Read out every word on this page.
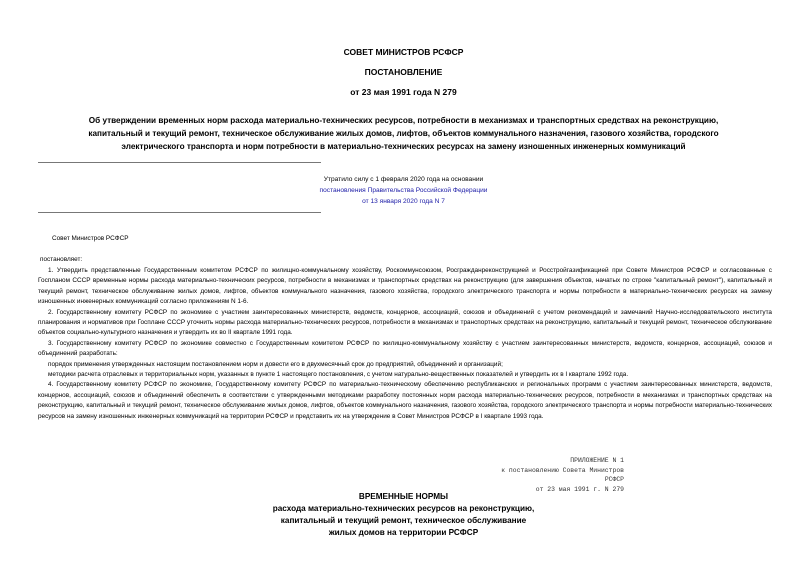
СОВЕТ МИНИСТРОВ РСФСР
ПОСТАНОВЛЕНИЕ
от 23 мая 1991 года N 279
Об утверждении временных норм расхода материально-технических ресурсов, потребности в механизмах и транспортных средствах на реконструкцию,
капитальный и текущий ремонт, техническое обслуживание жилых домов, лифтов, объектов коммунального назначения, газового хозяйства, городского
электрического транспорта и норм потребности в материально-технических ресурсах на замену изношенных инженерных коммуникаций
Утратило силу с 1 февраля 2020 года на основании
постановления Правительства Российской Федерации
от 13 января 2020 года N 7
Совет Министров РСФСР
постановляет:

1. Утвердить представленные Государственным комитетом РСФСР по жилищно-коммунальному хозяйству, Роскоммунсоюзом, Росгражданреконструкцией и Росстройгазификацией при Совете Министров РСФСР и согласованные с Госпланом СССР временные нормы расхода материально-технических ресурсов, потребности в механизмах и транспортных средствах на реконструкцию (для завершения объектов, начатых по строке "капитальный ремонт"), капитальный и текущий ремонт, техническое обслуживание жилых домов, лифтов, объектов коммунального назначения, газового хозяйства, городского электрического транспорта и нормы потребности в материально-технических ресурсах на замену изношенных инженерных коммуникаций согласно приложениям N 1-6.

2. Государственному комитету РСФСР по экономике с участием заинтересованных министерств, ведомств, концернов, ассоциаций, союзов и объединений с учетом рекомендаций и замечаний Научно-исследовательского института планирования и нормативов при Госплане СССР уточнить нормы расхода материально-технических ресурсов, потребности в механизмах и транспортных средствах на реконструкцию, капитальный и текущий ремонт, техническое обслуживание объектов социально-культурного назначения и утвердить их во II квартале 1991 года.

3. Государственному комитету РСФСР по экономике совместно с Государственным комитетом РСФСР по жилищно-коммунальному хозяйству с участием заинтересованных министерств, ведомств, концернов, ассоциаций, союзов и объединений разработать:

порядок применения утвержденных настоящим постановлением норм и довести его в двухмесячный срок до предприятий, объединений и организаций;

методики расчета отраслевых и территориальных норм, указанных в пункте 1 настоящего постановления, с учетом натурально-вещественных показателей и утвердить их в I квартале 1992 года.

4. Государственному комитету РСФСР по экономике, Государственному комитету РСФСР по материально-техническому обеспечению республиканских и региональных программ с участием заинтересованных министерств, ведомств, концернов, ассоциаций, союзов и объединений обеспечить в соответствии с утвержденными методиками разработку постоянных норм расхода материально-технических ресурсов, потребности в механизмах и транспортных средствах на реконструкцию, капитальный и текущий ремонт, техническое обслуживание жилых домов, лифтов, объектов коммунального назначения, газового хозяйства, городского электрического транспорта и нормы потребности материально-технических ресурсов на замену изношенных инженерных коммуникаций на территории РСФСР и представить их на утверждение в Совет Министров РСФСР в I квартале 1993 года.

ПРИЛОЖЕНИЕ N 1
к постановлению Совета Министров
РСФСР
от 23 мая 1991 г. N 279
ВРЕМЕННЫЕ НОРМЫ
расхода материально-технических ресурсов на реконструкцию,
капитальный и текущий ремонт, техническое обслуживание
жилых домов на территории РСФСР
